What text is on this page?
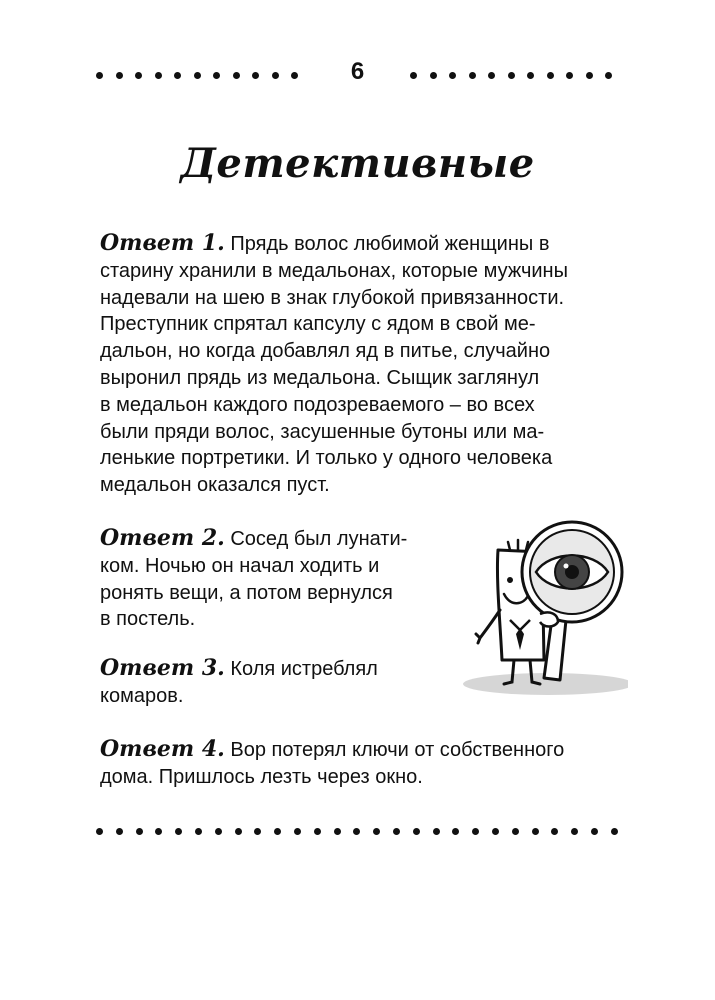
6
Детективные

Ответ 1. Прядь волос любимой женщины в
старину хранили в медальонах, которые мужчины
надевали на шею в знак глубокой привязанности.
Преступник спрятал капсулу с ядом в свой ме-
дальон, но когда добавлял яд в питье, случайно
выронил прядь из медальона. Сыщик заглянул
в медальон каждого подозреваемого – во всех
были пряди волос, засушенные бутоны или ма-
ленькие портретики. И только у одного человека
медальон оказался пуст.

Ответ 2. Сосед был лунати-
ком. Ночью он начал ходить и
ронять вещи, а потом вернулся
в постель.

Ответ 3. Коля истреблял
комаров.

Ответ 4. Вор потерял ключи от собственного
дома. Пришлось лезть через окно.
